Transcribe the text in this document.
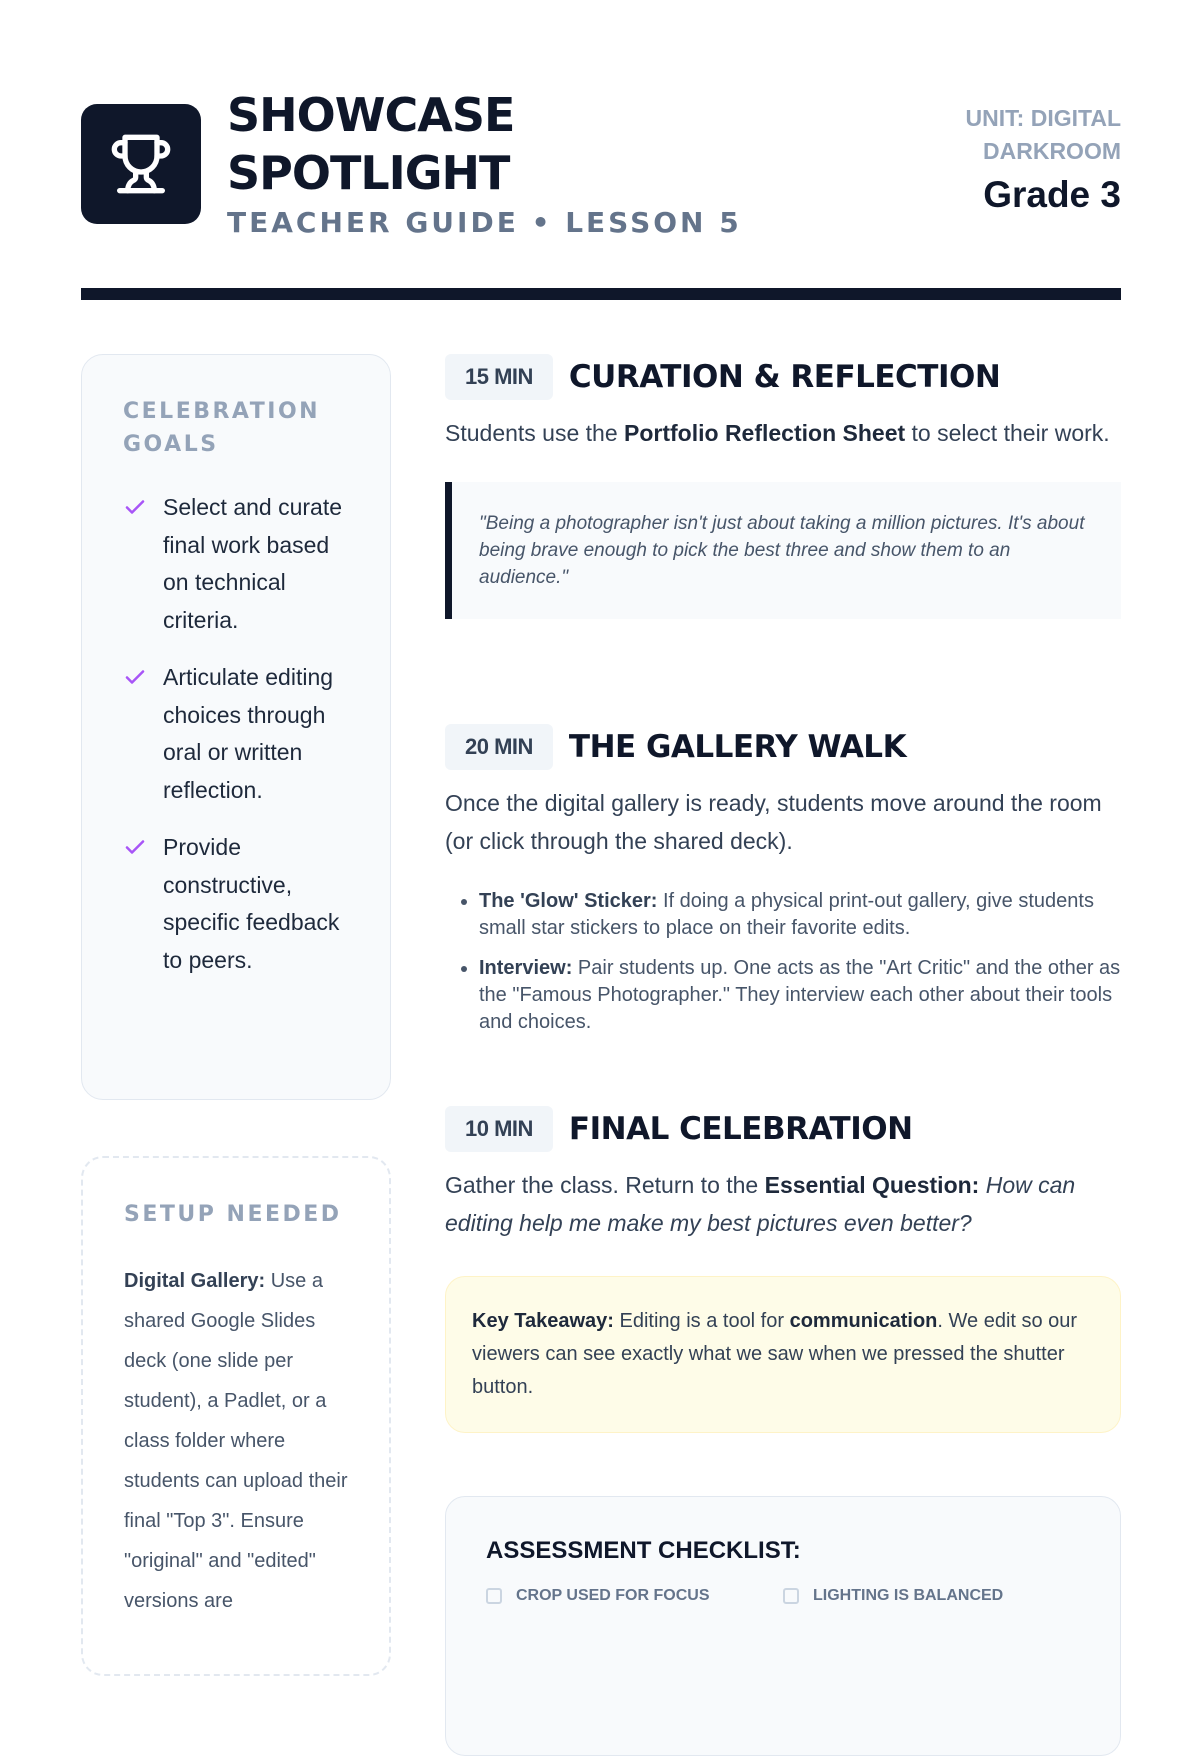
SHOWCASE
SPOTLIGHT
TEACHER GUIDE • LESSON 5
UNIT: DIGITAL DARKROOM
Grade 3
CELEBRATION GOALS
Select and curate final work based on technical criteria.
Articulate editing choices through oral or written reflection.
Provide constructive, specific feedback to peers.
SETUP NEEDED
Digital Gallery: Use a shared Google Slides deck (one slide per student), a Padlet, or a class folder where students can upload their final "Top 3". Ensure "original" and "edited" versions are
15 MIN	CURATION & REFLECTION
Students use the Portfolio Reflection Sheet to select their work.
"Being a photographer isn't just about taking a million pictures. It's about being brave enough to pick the best three and show them to an audience."
20 MIN	THE GALLERY WALK
Once the digital gallery is ready, students move around the room (or click through the shared deck).
• The 'Glow' Sticker: If doing a physical print-out gallery, give students small star stickers to place on their favorite edits.
• Interview: Pair students up. One acts as the "Art Critic" and the other as the "Famous Photographer." They interview each other about their tools and choices.
10 MIN	FINAL CELEBRATION
Gather the class. Return to the Essential Question: How can editing help me make my best pictures even better?
Key Takeaway: Editing is a tool for communication. We edit so our viewers can see exactly what we saw when we pressed the shutter button.
ASSESSMENT CHECKLIST:
CROP USED FOR FOCUS	LIGHTING IS BALANCED
